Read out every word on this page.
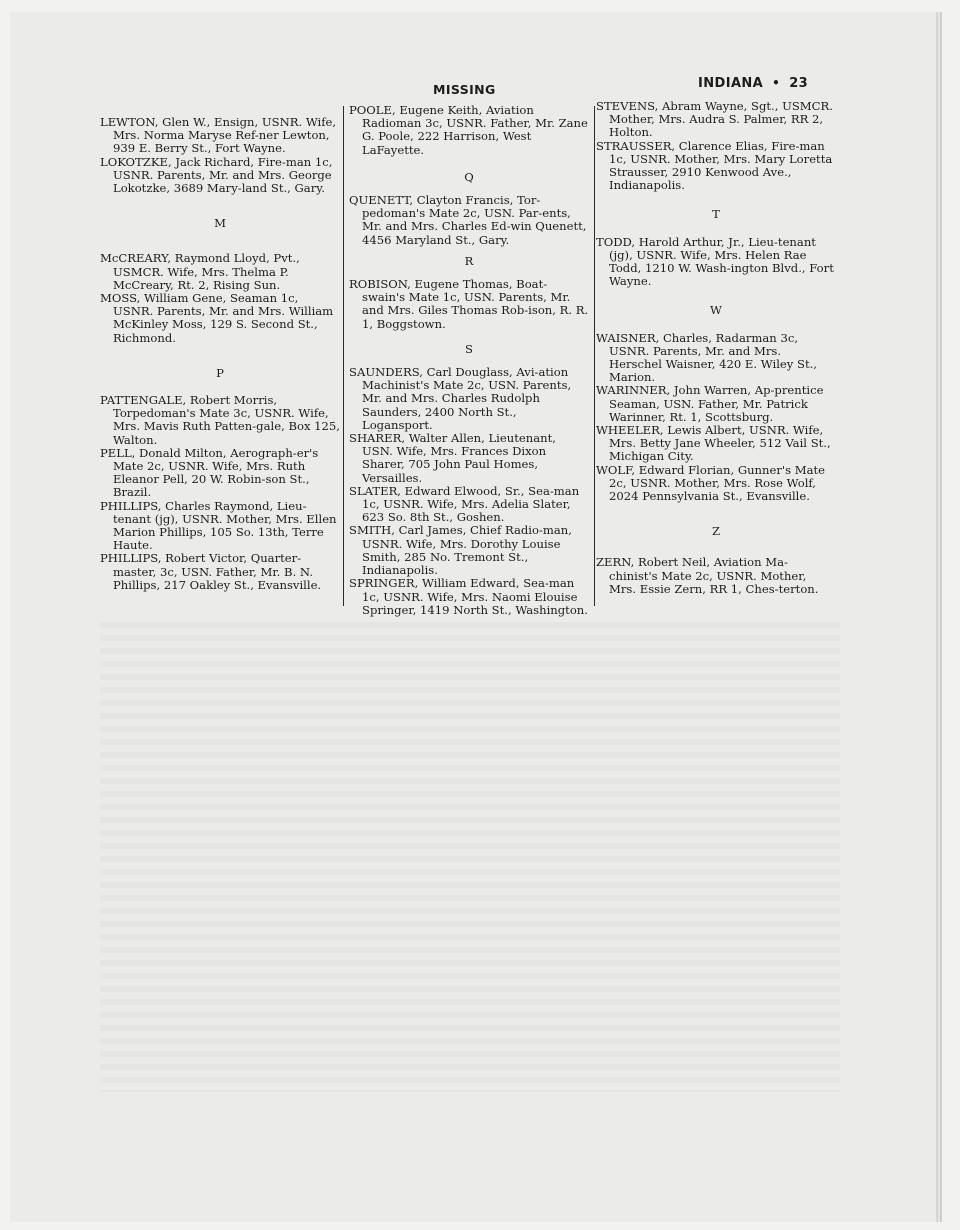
MISSING	INDIANA • 23

LEWTON, Glen W., Ensign, USNR. Wife, Mrs. Norma Maryse Ref-ner Lewton, 939 E. Berry St., Fort Wayne.

LOKOTZKE, Jack Richard, Fire-man 1c, USNR. Parents, Mr. and Mrs. George Lokotzke, 3689 Mary-land St., Gary.

M

McCREARY, Raymond Lloyd, Pvt., USMCR. Wife, Mrs. Thelma P. McCreary, Rt. 2, Rising Sun.

MOSS, William Gene, Seaman 1c, USNR. Parents, Mr. and Mrs. William McKinley Moss, 129 S. Second St., Richmond.

P

PATTENGALE, Robert Morris, Torpedoman's Mate 3c, USNR. Wife, Mrs. Mavis Ruth Patten-gale, Box 125, Walton.

PELL, Donald Milton, Aerograph-er's Mate 2c, USNR. Wife, Mrs. Ruth Eleanor Pell, 20 W. Robin-son St., Brazil.

PHILLIPS, Charles Raymond, Lieu-tenant (jg), USNR. Mother, Mrs. Ellen Marion Phillips, 105 So. 13th, Terre Haute.

PHILLIPS, Robert Victor, Quarter-master, 3c, USN. Father, Mr. B. N. Phillips, 217 Oakley St., Evansville.

POOLE, Eugene Keith, Aviation Radioman 3c, USNR. Father, Mr. Zane G. Poole, 222 Harrison, West LaFayette.

Q

QUENETT, Clayton Francis, Tor-pedoman's Mate 2c, USN. Par-ents, Mr. and Mrs. Charles Ed-win Quenett, 4456 Maryland St., Gary.

R

ROBISON, Eugene Thomas, Boat-swain's Mate 1c, USN. Parents, Mr. and Mrs. Giles Thomas Rob-ison, R. R. 1, Boggstown.

S

SAUNDERS, Carl Douglass, Avi-ation Machinist's Mate 2c, USN. Parents, Mr. and Mrs. Charles Rudolph Saunders, 2400 North St., Logansport.

SHARER, Walter Allen, Lieutenant, USN. Wife, Mrs. Frances Dixon Sharer, 705 John Paul Homes, Versailles.

SLATER, Edward Elwood, Sr., Sea-man 1c, USNR. Wife, Mrs. Adelia Slater, 623 So. 8th St., Goshen.

SMITH, Carl James, Chief Radio-man, USNR. Wife, Mrs. Dorothy Louise Smith, 285 No. Tremont St., Indianapolis.

SPRINGER, William Edward, Sea-man 1c, USNR. Wife, Mrs. Naomi Elouise Springer, 1419 North St., Washington.

STEVENS, Abram Wayne, Sgt., USMCR. Mother, Mrs. Audra S. Palmer, RR 2, Holton.

STRAUSSER, Clarence Elias, Fire-man 1c, USNR. Mother, Mrs. Mary Loretta Strausser, 2910 Kenwood Ave., Indianapolis.

T

TODD, Harold Arthur, Jr., Lieu-tenant (jg), USNR. Wife, Mrs. Helen Rae Todd, 1210 W. Wash-ington Blvd., Fort Wayne.

W

WAISNER, Charles, Radarman 3c, USNR. Parents, Mr. and Mrs. Herschel Waisner, 420 E. Wiley St., Marion.

WARINNER, John Warren, Ap-prentice Seaman, USN. Father, Mr. Patrick Warinner, Rt. 1, Scottsburg.

WHEELER, Lewis Albert, USNR. Wife, Mrs. Betty Jane Wheeler, 512 Vail St., Michigan City.

WOLF, Edward Florian, Gunner's Mate 2c, USNR. Mother, Mrs. Rose Wolf, 2024 Pennsylvania St., Evansville.

Z

ZERN, Robert Neil, Aviation Ma-chinist's Mate 2c, USNR. Mother, Mrs. Essie Zern, RR 1, Ches-terton.
